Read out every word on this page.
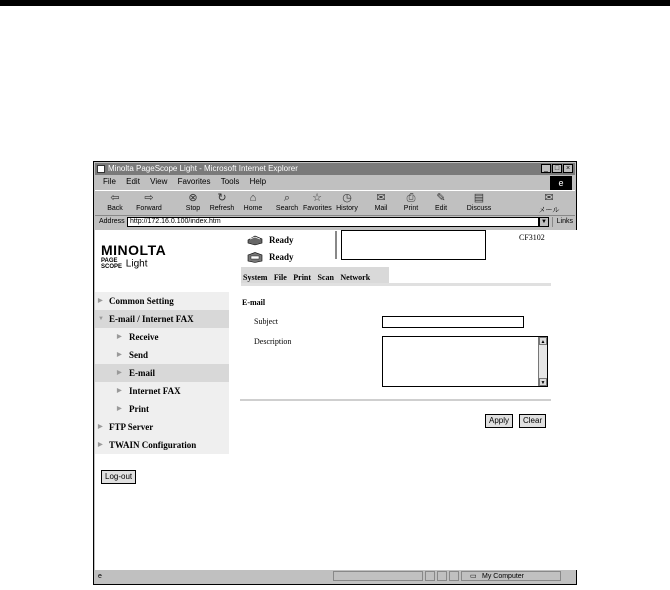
Minolta PageScope Light - Microsoft Internet Explorer	_ □ ×
File Edit View Favorites Tools Help	e
⇦
Back
⇨
Forward
⊗
Stop
↻
Refresh
⌂
Home
⌕
Search
☆
Favorites
◷
History
✉
Mail
⎙
Print
✎
Edit
▤
Discuss
✉
メール
Address http://172.16.0.100/index.htm	▼	Links
MINOLTA
PAGE SCOPE Light
▶ Common Setting
▼ E-mail / Internet FAX
▶ Receive
▶ Send
▶ E-mail
▶ Internet FAX
▶ Print
▶ FTP Server
▶ TWAIN Configuration
Log-out
Ready
Ready
CF3102
System File Print Scan Network
E-mail
Subject
Description	▲
▼
Apply	Clear
e	▭ My Computer
